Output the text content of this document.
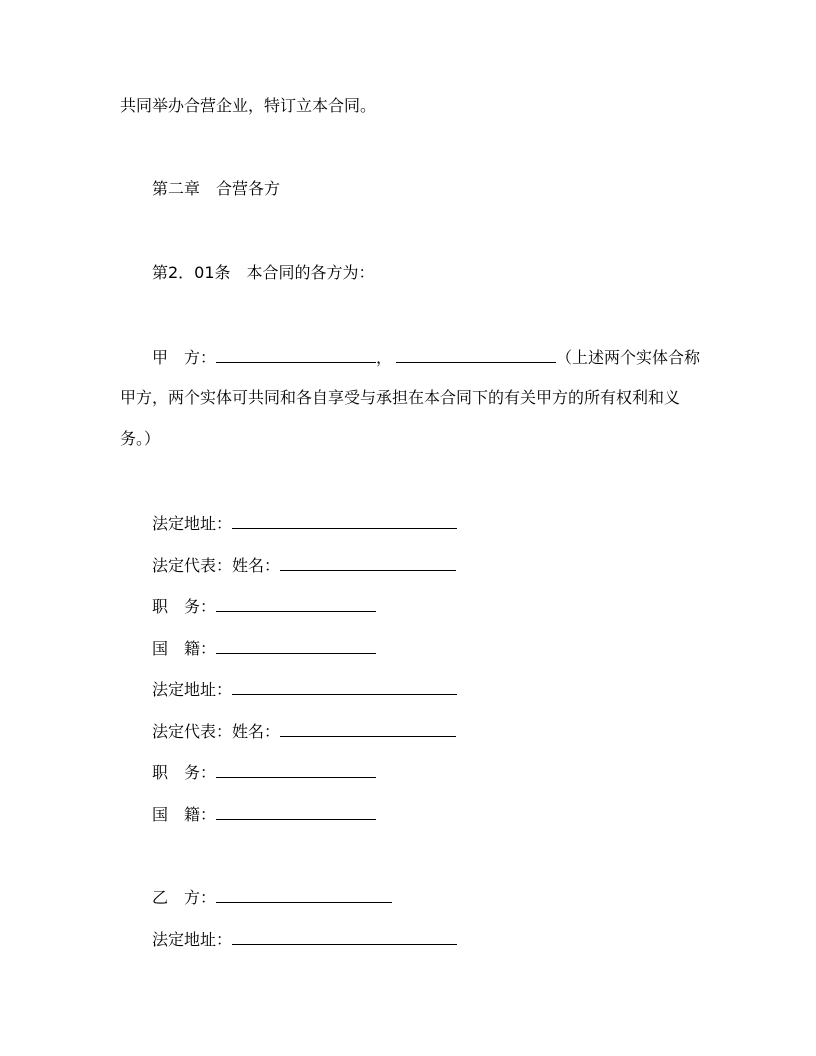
共同举办合营企业，特订立本合同。
第二章 合营各方
第2．01条 本合同的各方为：
甲 方：	，	（上述两个实体合称
甲方，两个实体可共同和各自享受与承担在本合同下的有关甲方的所有权利和义
务。）
法定地址：
法定代表：姓名：
职 务：
国 籍：
法定地址：
法定代表：姓名：
职 务：
国 籍：
乙 方：
法定地址：
